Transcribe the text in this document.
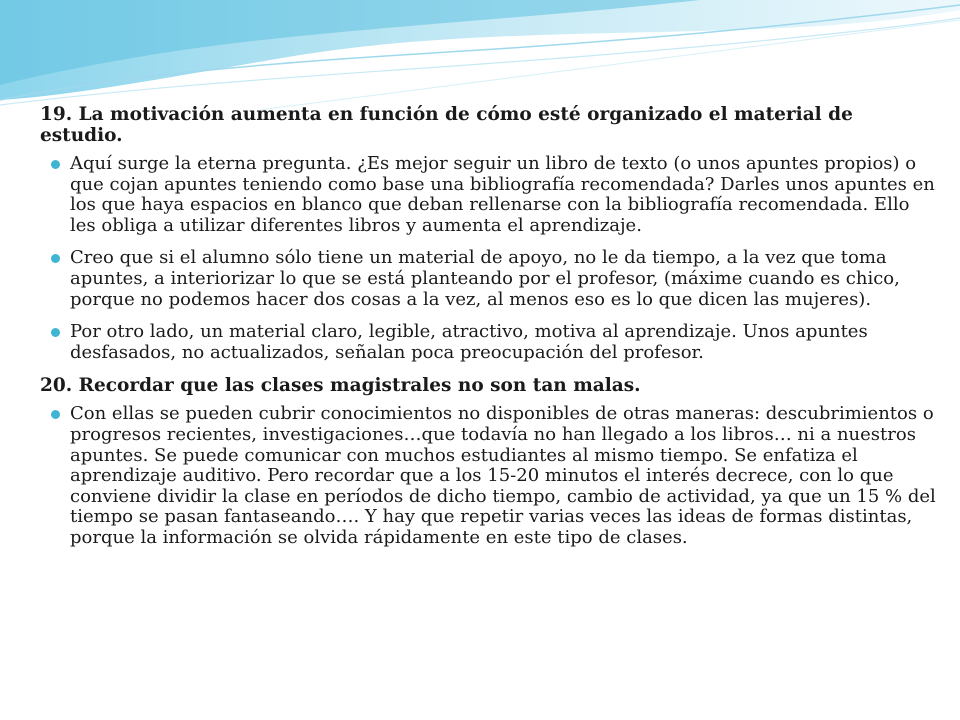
19. La motivación aumenta en función de cómo esté organizado el material de estudio.

Aquí surge la eterna pregunta. ¿Es mejor seguir un libro de texto (o unos apuntes propios) o que cojan apuntes teniendo como base una bibliografía recomendada? Darles unos apuntes en los que haya espacios en blanco que deban rellenarse con la bibliografía recomendada. Ello les obliga a utilizar diferentes libros y aumenta el aprendizaje.
Creo que si el alumno sólo tiene un material de apoyo, no le da tiempo, a la vez que toma apuntes, a interiorizar lo que se está planteando por el profesor, (máxime cuando es chico, porque no podemos hacer dos cosas a la vez, al menos eso es lo que dicen las mujeres).
Por otro lado, un material claro, legible, atractivo, motiva al aprendizaje. Unos apuntes desfasados, no actualizados, señalan poca preocupación del profesor.

20. Recordar que las clases magistrales no son tan malas.

Con ellas se pueden cubrir conocimientos no disponibles de otras maneras: descubrimientos o progresos recientes, investigaciones…que todavía no han llegado a los libros… ni a nuestros apuntes. Se puede comunicar con muchos estudiantes al mismo tiempo. Se enfatiza el aprendizaje auditivo. Pero recordar que a los 15-20 minutos el interés decrece, con lo que conviene dividir la clase en períodos de dicho tiempo, cambio de actividad, ya que un 15 % del tiempo se pasan fantaseando…. Y hay que repetir varias veces las ideas de formas distintas, porque la información se olvida rápidamente en este tipo de clases.
